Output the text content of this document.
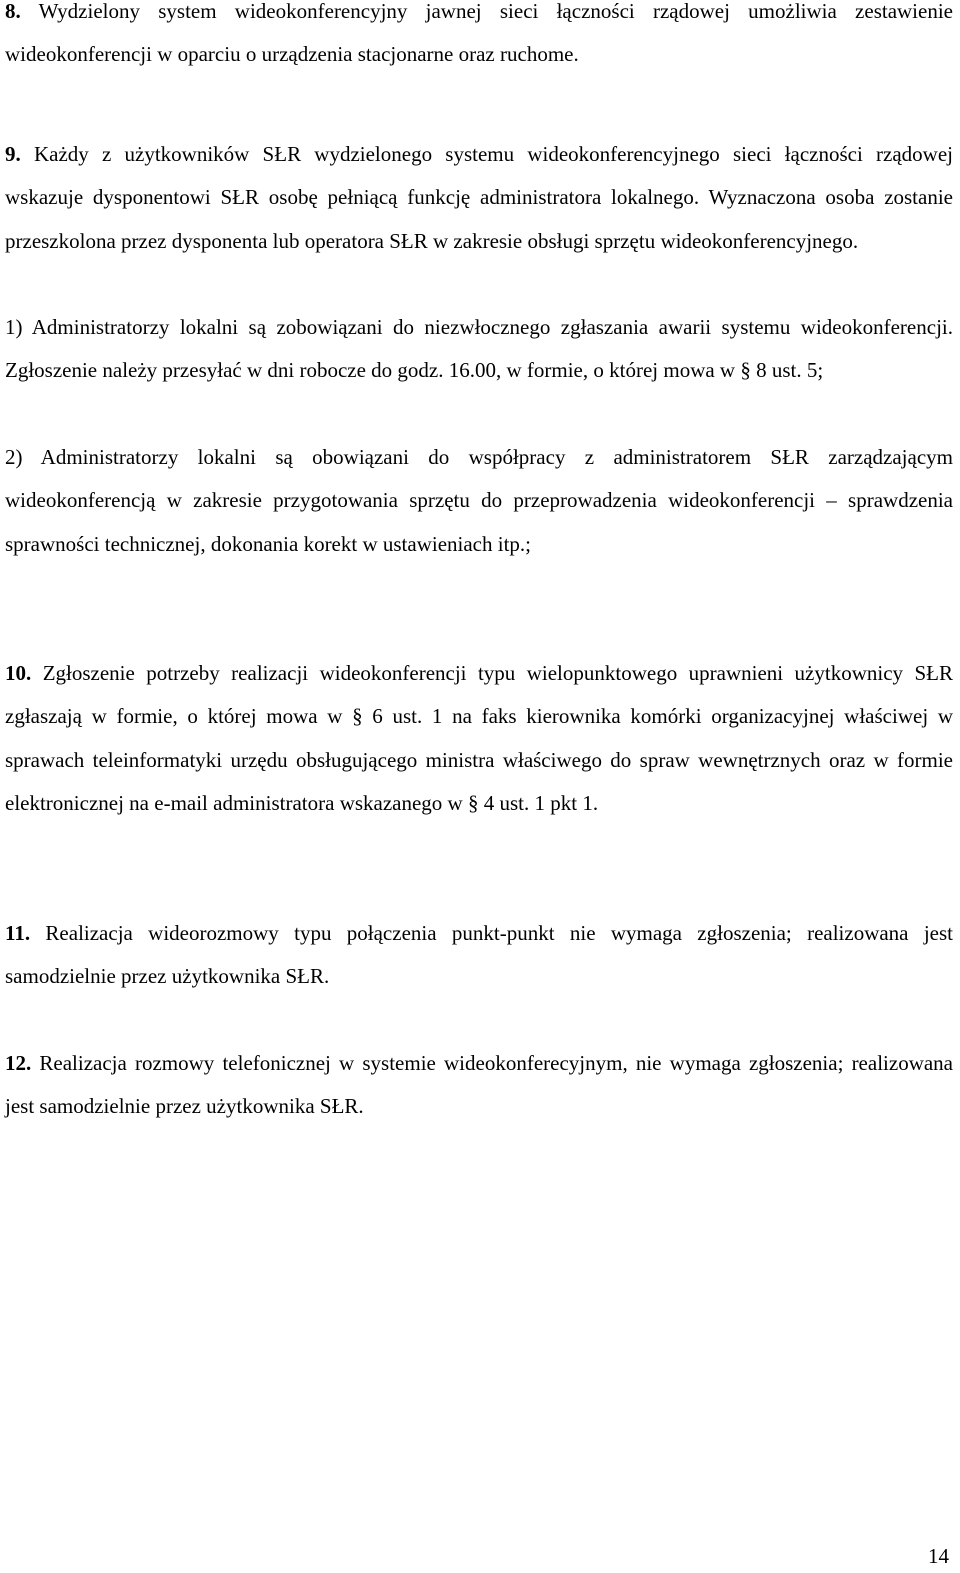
8. Wydzielony system wideokonferencyjny jawnej sieci łączności rządowej umożliwia zestawienie wideokonferencji w oparciu o urządzenia stacjonarne oraz ruchome.

9. Każdy z użytkowników SŁR wydzielonego systemu wideokonferencyjnego sieci łączności rządowej wskazuje dysponentowi SŁR osobę pełniącą funkcję administratora lokalnego. Wyznaczona osoba zostanie przeszkolona przez dysponenta lub operatora SŁR w zakresie obsługi sprzętu wideokonferencyjnego.

1) Administratorzy lokalni są zobowiązani do niezwłocznego zgłaszania awarii systemu wideokonferencji. Zgłoszenie należy przesyłać w dni robocze do godz. 16.00, w formie, o której mowa w § 8 ust. 5;

2) Administratorzy lokalni są obowiązani do współpracy z administratorem SŁR zarządzającym wideokonferencją w zakresie przygotowania sprzętu do przeprowadzenia wideokonferencji – sprawdzenia sprawności technicznej, dokonania korekt w ustawieniach itp.;

10. Zgłoszenie potrzeby realizacji wideokonferencji typu wielopunktowego uprawnieni użytkownicy SŁR zgłaszają w formie, o której mowa w § 6 ust. 1 na faks kierownika komórki organizacyjnej właściwej w sprawach teleinformatyki urzędu obsługującego ministra właściwego do spraw wewnętrznych oraz w formie elektronicznej na e-mail administratora wskazanego w § 4 ust. 1 pkt 1.

11. Realizacja wideorozmowy typu połączenia punkt-punkt nie wymaga zgłoszenia; realizowana jest samodzielnie przez użytkownika SŁR.

12. Realizacja rozmowy telefonicznej w systemie wideokonferecyjnym, nie wymaga zgłoszenia; realizowana jest samodzielnie przez użytkownika SŁR.

14
